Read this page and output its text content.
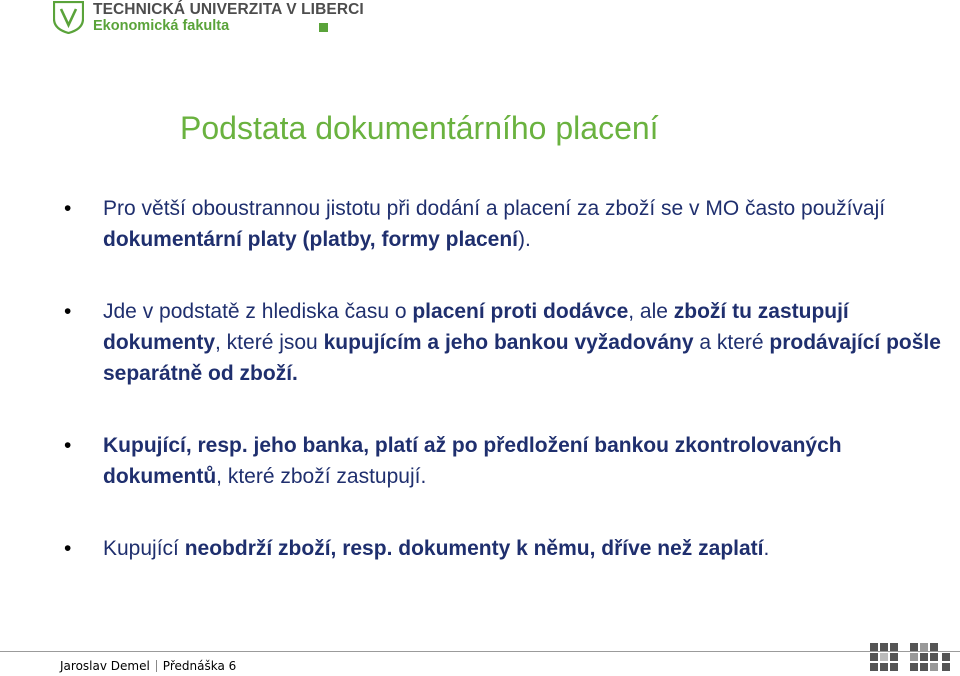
TECHNICKÁ UNIVERZITA V LIBERCI
Ekonomická fakulta
Podstata dokumentárního placení
• Pro větší oboustrannou jistotu při dodání a placení za zboží se v MO často používají dokumentární platy (platby, formy placení).
• Jde v podstatě z hlediska času o placení proti dodávce, ale zboží tu zastupují dokumenty, které jsou kupujícím a jeho bankou vyžadovány a které prodávající pošle separátně od zboží.
• Kupující, resp. jeho banka, platí až po předložení bankou zkontrolovaných dokumentů, které zboží zastupují.
• Kupující neobdrží zboží, resp. dokumenty k němu, dříve než zaplatí.
Jaroslav Demel Přednáška 6
